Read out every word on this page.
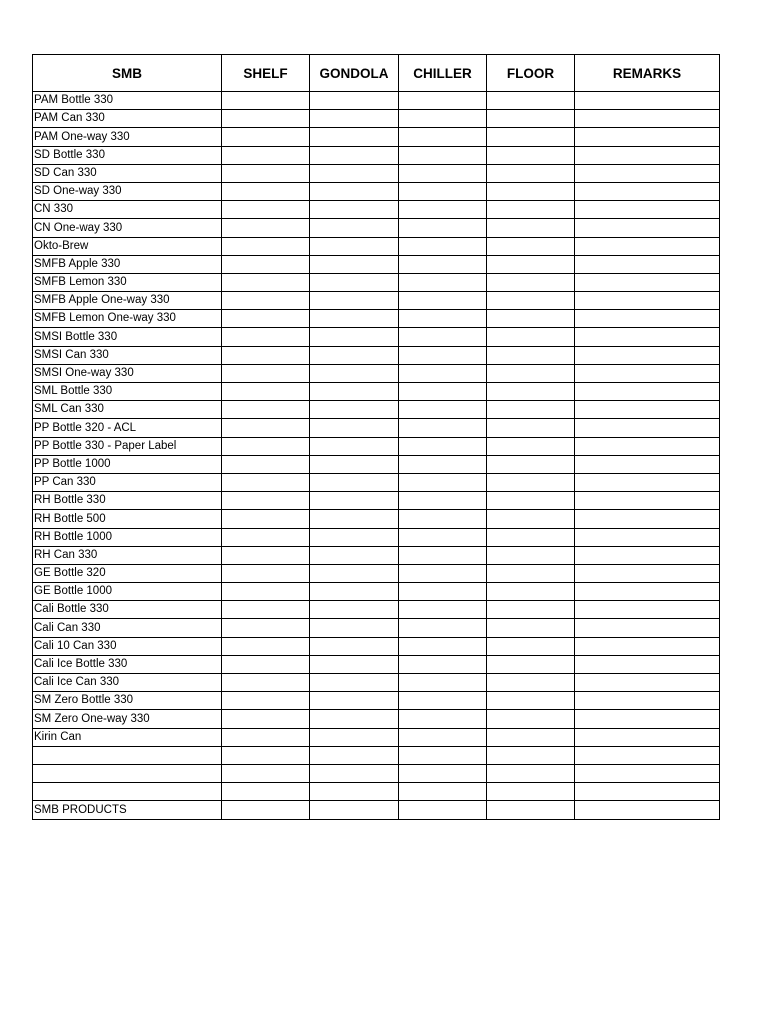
SMB	SHELF	GONDOLA	CHILLER	FLOOR	REMARKS
PAM Bottle 330					
PAM Can 330					
PAM One-way 330					
SD Bottle 330					
SD Can 330					
SD One-way 330					
CN 330					
CN One-way 330					
Okto-Brew					
SMFB Apple 330					
SMFB Lemon 330					
SMFB Apple One-way 330					
SMFB Lemon One-way 330					
SMSI Bottle 330					
SMSI Can 330					
SMSI One-way 330					
SML Bottle 330					
SML Can 330					
PP Bottle 320 - ACL					
PP Bottle 330 - Paper Label					
PP Bottle 1000					
PP Can 330					
RH Bottle 330					
RH Bottle 500					
RH Bottle 1000					
RH Can 330					
GE Bottle 320					
GE Bottle 1000					
Cali Bottle 330					
Cali Can 330					
Cali 10 Can 330					
Cali Ice Bottle 330					
Cali Ice Can 330					
SM Zero Bottle 330					
SM Zero One-way 330					
Kirin Can					

SMB PRODUCTS					
